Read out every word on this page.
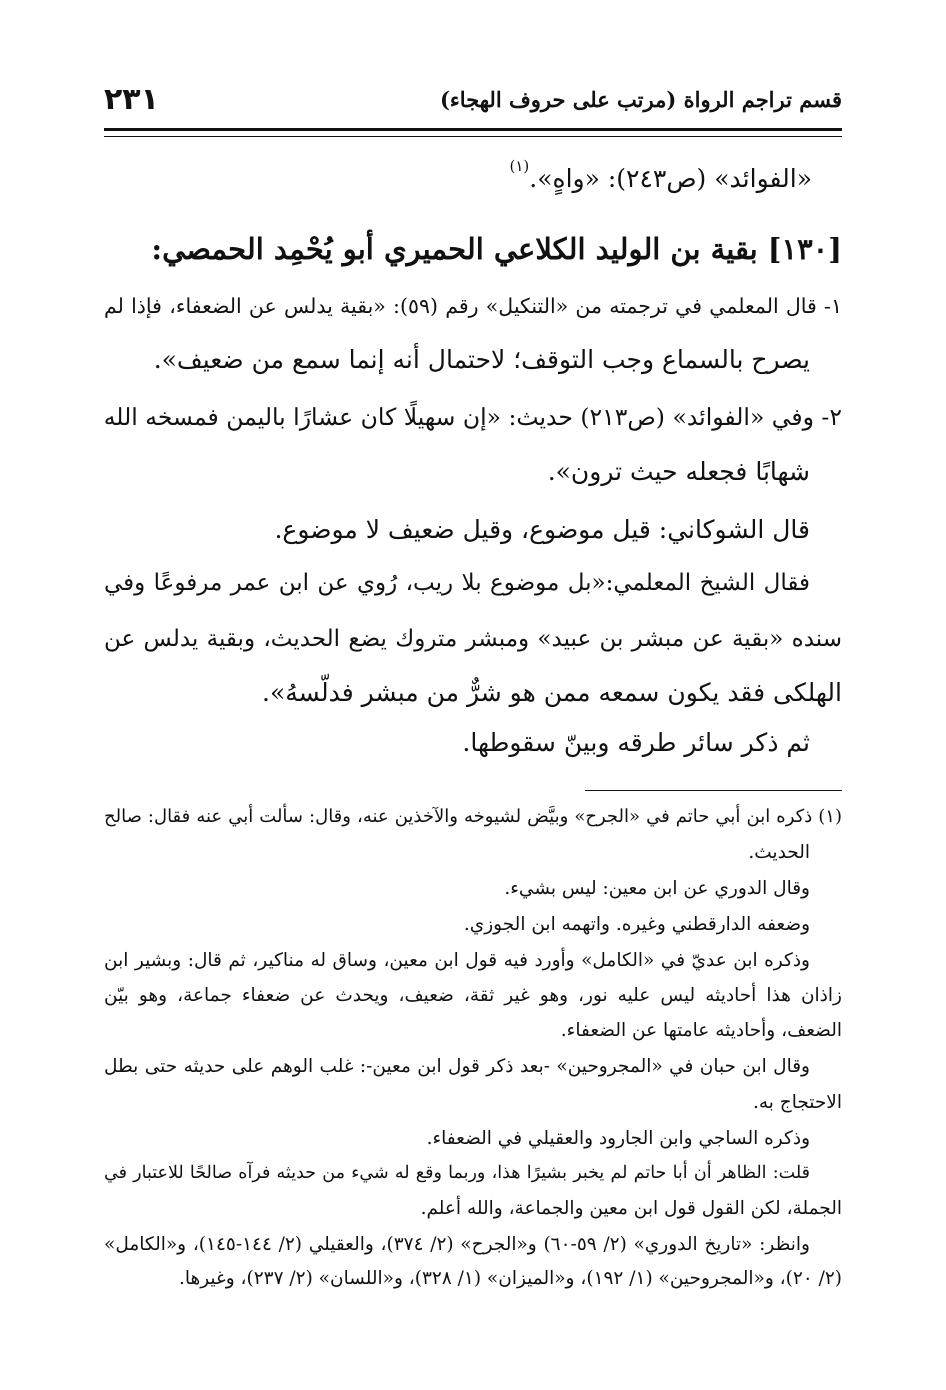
قسم تراجم الرواة (مرتب على حروف الهجاء)
٢٣١
«الفوائد» (ص٢٤٣): «واهٍ».$^{(١)}$
[١٣٠] بقية بن الوليد الكلاعي الحميري أبو يُحْمِد الحمصي:
١- قال المعلمي في ترجمته من «التنكيل» رقم (٥٩): «بقية يدلس عن الضعفاء، فإذا لم
يصرح بالسماع وجب التوقف؛ لاحتمال أنه إنما سمع من ضعيف».
٢- وفي «الفوائد» (ص٢١٣) حديث: «إن سهيلًا كان عشارًا باليمن فمسخه الله
شهابًا فجعله حيث ترون».
قال الشوكاني: قيل موضوع، وقيل ضعيف لا موضوع.
فقال الشيخ المعلمي:«بل موضوع بلا ريب، رُوي عن ابن عمر مرفوعًا وفي
سنده «بقية عن مبشر بن عبيد» ومبشر متروك يضع الحديث، وبقية يدلس عن
الهلكى فقد يكون سمعه ممن هو شرٌّ من مبشر فدلّسهُ».
ثم ذكر سائر طرقه وبينّ سقوطها.
(١) ذكره ابن أبي حاتم في «الجرح» وبيَّض لشيوخه والآخذين عنه، وقال: سألت أبي عنه فقال: صالح
الحديث.
وقال الدوري عن ابن معين: ليس بشيء.
وضعفه الدارقطني وغيره. واتهمه ابن الجوزي.
وذكره ابن عديّ في «الكامل» وأورد فيه قول ابن معين، وساق له مناكير، ثم قال: وبشير ابن
زاذان هذا أحاديثه ليس عليه نور، وهو غير ثقة، ضعيف، ويحدث عن ضعفاء جماعة، وهو بيّن
الضعف، وأحاديثه عامتها عن الضعفاء.
وقال ابن حبان في «المجروحين» -بعد ذكر قول ابن معين-: غلب الوهم على حديثه حتى بطل
الاحتجاج به.
وذكره الساجي وابن الجارود والعقيلي في الضعفاء.
قلت: الظاهر أن أبا حاتم لم يخبر بشيرًا هذا، وربما وقع له شيء من حديثه فرآه صالحًا للاعتبار في
الجملة، لكن القول قول ابن معين والجماعة، والله أعلم.
وانظر: «تاريخ الدوري» (٢/ ٥٩-٦٠) و«الجرح» (٢/ ٣٧٤)، والعقيلي (٢/ ١٤٤-١٤٥)، و«الكامل»
(٢/ ٢٠)، و«المجروحين» (١/ ١٩٢)، و«الميزان» (١/ ٣٢٨)، و«اللسان» (٢/ ٢٣٧)، وغيرها.
